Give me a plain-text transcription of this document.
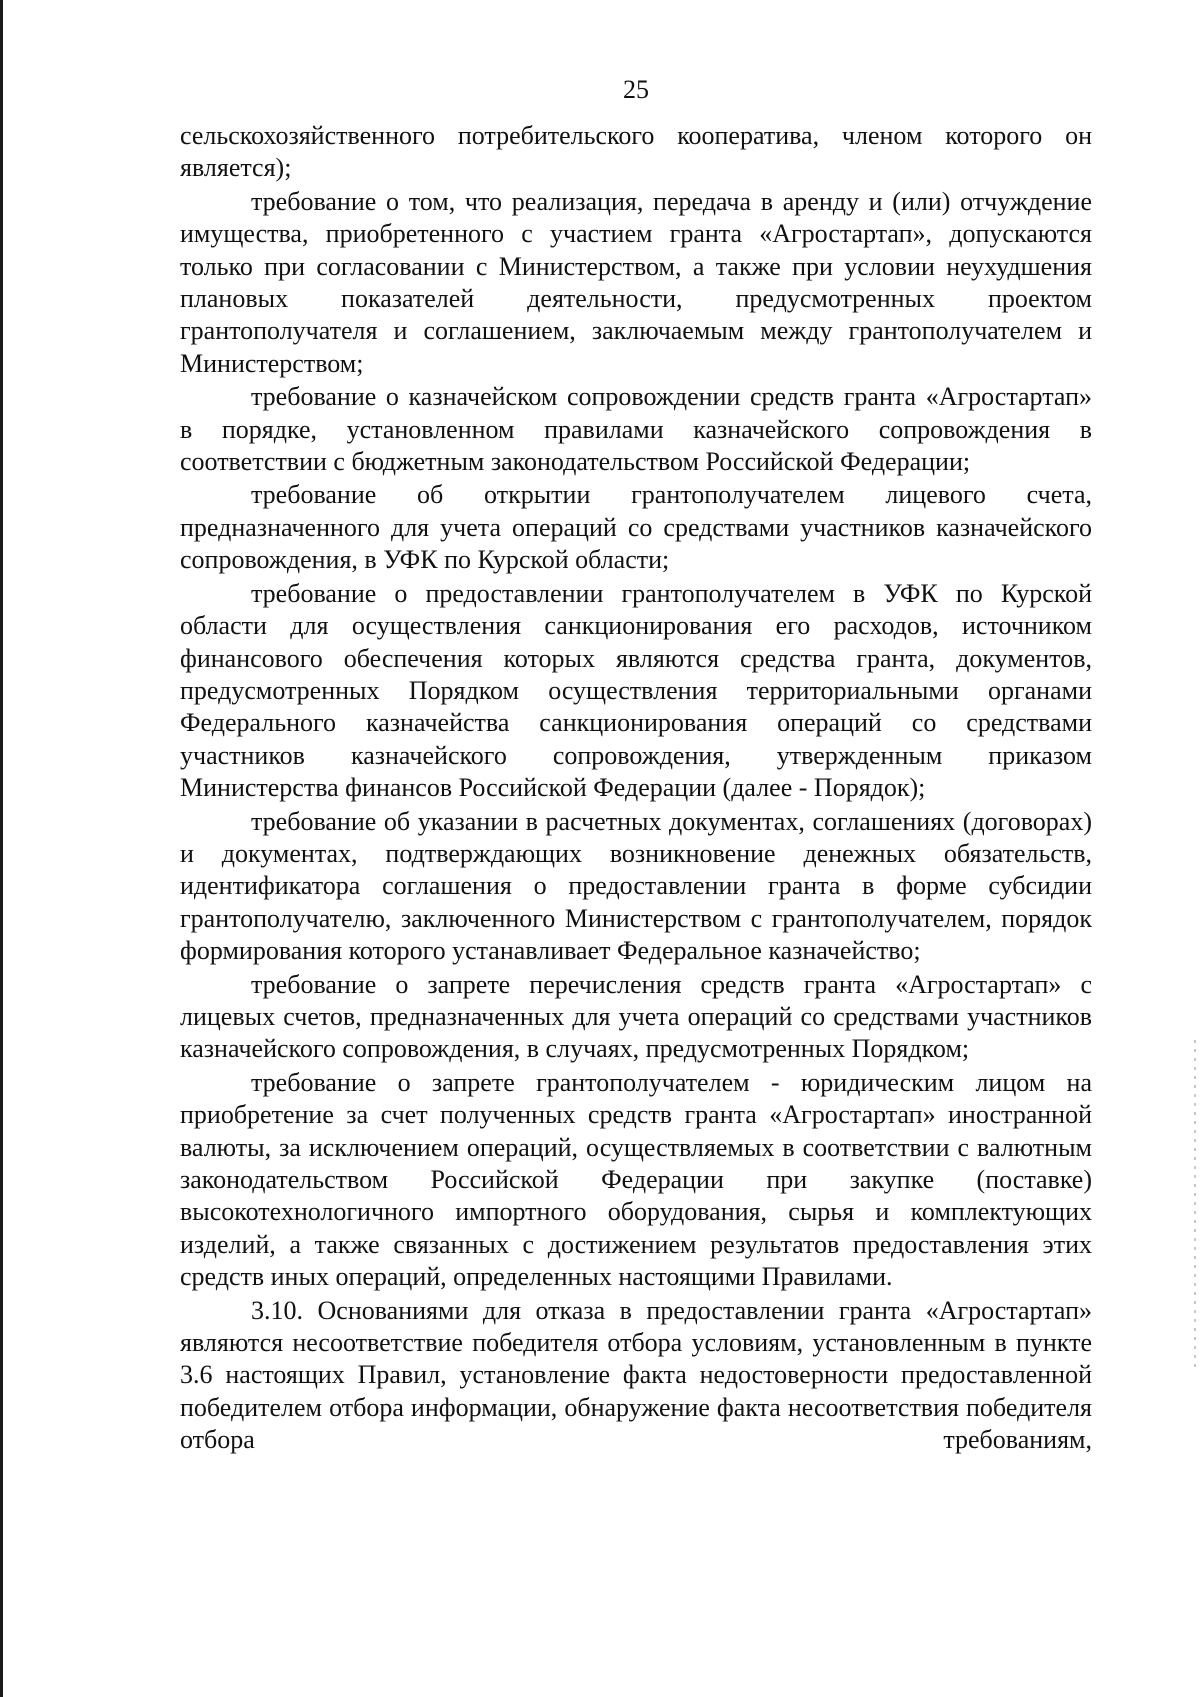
25

сельскохозяйственного потребительского кооператива, членом которого он является);

требование о том, что реализация, передача в аренду и (или) отчуждение имущества, приобретенного с участием гранта «Агростартап», допускаются только при согласовании с Министерством, а также при условии неухудшения плановых показателей деятельности, предусмотренных проектом грантополучателя и соглашением, заключаемым между грантополучателем и Министерством;

требование о казначейском сопровождении средств гранта «Агростартап» в порядке, установленном правилами казначейского сопровождения в соответствии с бюджетным законодательством Российской Федерации;

требование об открытии грантополучателем лицевого счета, предназначенного для учета операций со средствами участников казначейского сопровождения, в УФК по Курской области;

требование о предоставлении грантополучателем в УФК по Курской области для осуществления санкционирования его расходов, источником финансового обеспечения которых являются средства гранта, документов, предусмотренных Порядком осуществления территориальными органами Федерального казначейства санкционирования операций со средствами участников казначейского сопровождения, утвержденным приказом Министерства финансов Российской Федерации (далее - Порядок);

требование об указании в расчетных документах, соглашениях (договорах) и документах, подтверждающих возникновение денежных обязательств, идентификатора соглашения о предоставлении гранта в форме субсидии грантополучателю, заключенного Министерством с грантополучателем, порядок формирования которого устанавливает Федеральное казначейство;

требование о запрете перечисления средств гранта «Агростартап» с лицевых счетов, предназначенных для учета операций со средствами участников казначейского сопровождения, в случаях, предусмотренных Порядком;

требование о запрете грантополучателем - юридическим лицом на приобретение за счет полученных средств гранта «Агростартап» иностранной валюты, за исключением операций, осуществляемых в соответствии с валютным законодательством Российской Федерации при закупке (поставке) высокотехнологичного импортного оборудования, сырья и комплектующих изделий, а также связанных с достижением результатов предоставления этих средств иных операций, определенных настоящими Правилами.

3.10. Основаниями для отказа в предоставлении гранта «Агростартап» являются несоответствие победителя отбора условиям, установленным в пункте 3.6 настоящих Правил, установление факта недостоверности предоставленной победителем отбора информации, обнаружение факта несоответствия победителя отбора требованиям,
